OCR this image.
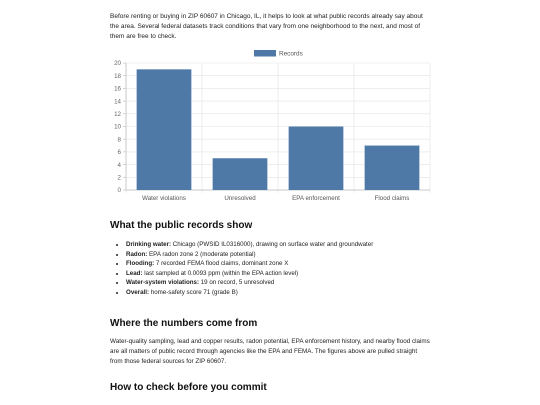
Before renting or buying in ZIP 60607 in Chicago, IL, it helps to look at what public records already say about the area. Several federal datasets track conditions that vary from one neighborhood to the next, and most of them are free to check.

0
2
4
6
8
10
12
14
16
18
20
Water violations	Unresolved	EPA enforcement	Flood claims
Records
What the public records show
• Drinking water: Chicago (PWSID IL0316000), drawing on surface water and groundwater
• Radon: EPA radon zone 2 (moderate potential)
• Flooding: 7 recorded FEMA flood claims, dominant zone X
• Lead: last sampled at 0.0093 ppm (within the EPA action level)
• Water-system violations: 19 on record, 5 unresolved
• Overall: home-safety score 71 (grade B)
Where the numbers come from

Water-quality sampling, lead and copper results, radon potential, EPA enforcement history, and nearby flood claims are all matters of public record through agencies like the EPA and FEMA. The figures above are pulled straight from those federal sources for ZIP 60607.

How to check before you commit
